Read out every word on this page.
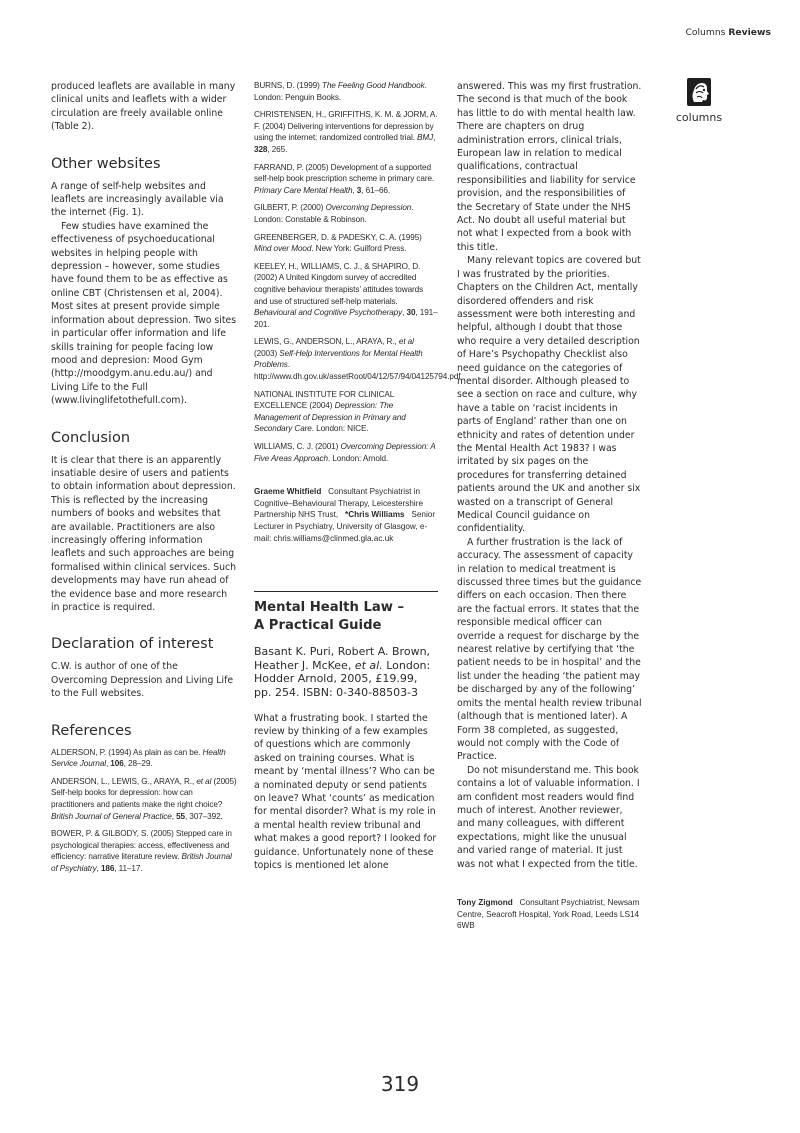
Columns Reviews
columns

produced leaflets are available in many clinical units and leaflets with a wider circulation are freely available online (Table 2).

Other websites

A range of self-help websites and leaflets are increasingly available via the internet (Fig. 1).

Few studies have examined the effectiveness of psychoeducational websites in helping people with depression – however, some studies have found them to be as effective as online CBT (Christensen et al, 2004). Most sites at present provide simple information about depression. Two sites in particular offer information and life skills training for people facing low mood and depresion: Mood Gym (http://moodgym.anu.edu.au/) and Living Life to the Full (www.livinglifetothefull.com).

Conclusion

It is clear that there is an apparently insatiable desire of users and patients to obtain information about depression. This is reflected by the increasing numbers of books and websites that are available. Practitioners are also increasingly offering information leaflets and such approaches are being formalised within clinical services. Such developments may have run ahead of the evidence base and more research in practice is required.

Declaration of interest

C.W. is author of one of the Overcoming Depression and Living Life to the Full websites.

References
ALDERSON, P. (1994) As plain as can be. Health Service Journal, 106, 28–29.
ANDERSON, L., LEWIS, G., ARAYA, R., et al (2005) Self-help books for depression: how can practitioners and patients make the right choice? British Journal of General Practice, 55, 307–392.
BOWER, P. & GILBODY, S. (2005) Stepped care in psychological therapies: access, effectiveness and efficiency: narrative literature review. British Journal of Psychiatry, 186, 11–17.
BURNS, D. (1999) The Feeling Good Handbook. London: Penguin Books.
CHRISTENSEN, H., GRIFFITHS, K. M. & JORM, A. F. (2004) Delivering interventions for depression by using the internet: randomized controlled trial. BMJ, 328, 265.
FARRAND, P. (2005) Development of a supported self-help book prescription scheme in primary care. Primary Care Mental Health, 3, 61–66.
GILBERT, P. (2000) Overcoming Depression. London: Constable & Robinson.
GREENBERGER, D. & PADESKY, C. A. (1995) Mind over Mood. New York: Guilford Press.
KEELEY, H., WILLIAMS, C. J., & SHAPIRO, D. (2002) A United Kingdom survey of accredited cognitive behaviour therapists’ attitudes towards and use of structured self-help materials. Behavioural and Cognitive Psychotherapy, 30, 191–201.
LEWIS, G., ANDERSON, L., ARAYA, R., et al (2003) Self-Help Interventions for Mental Health Problems. http://www.dh.gov.uk/assetRoot/04/12/57/94/04125794.pdf
NATIONAL INSTITUTE FOR CLINICAL EXCELLENCE (2004) Depression: The Management of Depression in Primary and Secondary Care. London: NICE.
WILLIAMS, C. J. (2001) Overcoming Depression: A Five Areas Approach. London: Arnold.
Graeme Whitfield Consultant Psychiatrist in Cognitive–Behavioural Therapy, Leicestershire Partnership NHS Trust, *Chris Williams Senior Lecturer in Psychiatry, University of Glasgow, e-mail: chris.williams@clinmed.gla.ac.uk
Mental Health Law –
A Practical Guide
Basant K. Puri, Robert A. Brown, Heather J. McKee, et al. London: Hodder Arnold, 2005, £19.99, pp. 254. ISBN: 0-340-88503-3

What a frustrating book. I started the review by thinking of a few examples of questions which are commonly asked on training courses. What is meant by ‘mental illness’? Who can be a nominated deputy or send patients on leave? What ‘counts’ as medication for mental disorder? What is my role in a mental health review tribunal and what makes a good report? I looked for guidance. Unfortunately none of these topics is mentioned let alone

answered. This was my first frustration. The second is that much of the book has little to do with mental health law. There are chapters on drug administration errors, clinical trials, European law in relation to medical qualifications, contractual responsibilities and liability for service provision, and the responsibilities of the Secretary of State under the NHS Act. No doubt all useful material but not what I expected from a book with this title.

Many relevant topics are covered but I was frustrated by the priorities. Chapters on the Children Act, mentally disordered offenders and risk assessment were both interesting and helpful, although I doubt that those who require a very detailed description of Hare’s Psychopathy Checklist also need guidance on the categories of mental disorder. Although pleased to see a section on race and culture, why have a table on ‘racist incidents in parts of England’ rather than one on ethnicity and rates of detention under the Mental Health Act 1983? I was irritated by six pages on the procedures for transferring detained patients around the UK and another six wasted on a transcript of General Medical Council guidance on confidentiality.

A further frustration is the lack of accuracy. The assessment of capacity in relation to medical treatment is discussed three times but the guidance differs on each occasion. Then there are the factual errors. It states that the responsible medical officer can override a request for discharge by the nearest relative by certifying that ‘the patient needs to be in hospital’ and the list under the heading ‘the patient may be discharged by any of the following’ omits the mental health review tribunal (although that is mentioned later). A Form 38 completed, as suggested, would not comply with the Code of Practice.

Do not misunderstand me. This book contains a lot of valuable information. I am confident most readers would find much of interest. Another reviewer, and many colleagues, with different expectations, might like the unusual and varied range of material. It just was not what I expected from the title.

Tony Zigmond Consultant Psychiatrist, Newsam Centre, Seacroft Hospital, York Road, Leeds LS14 6WB
319
